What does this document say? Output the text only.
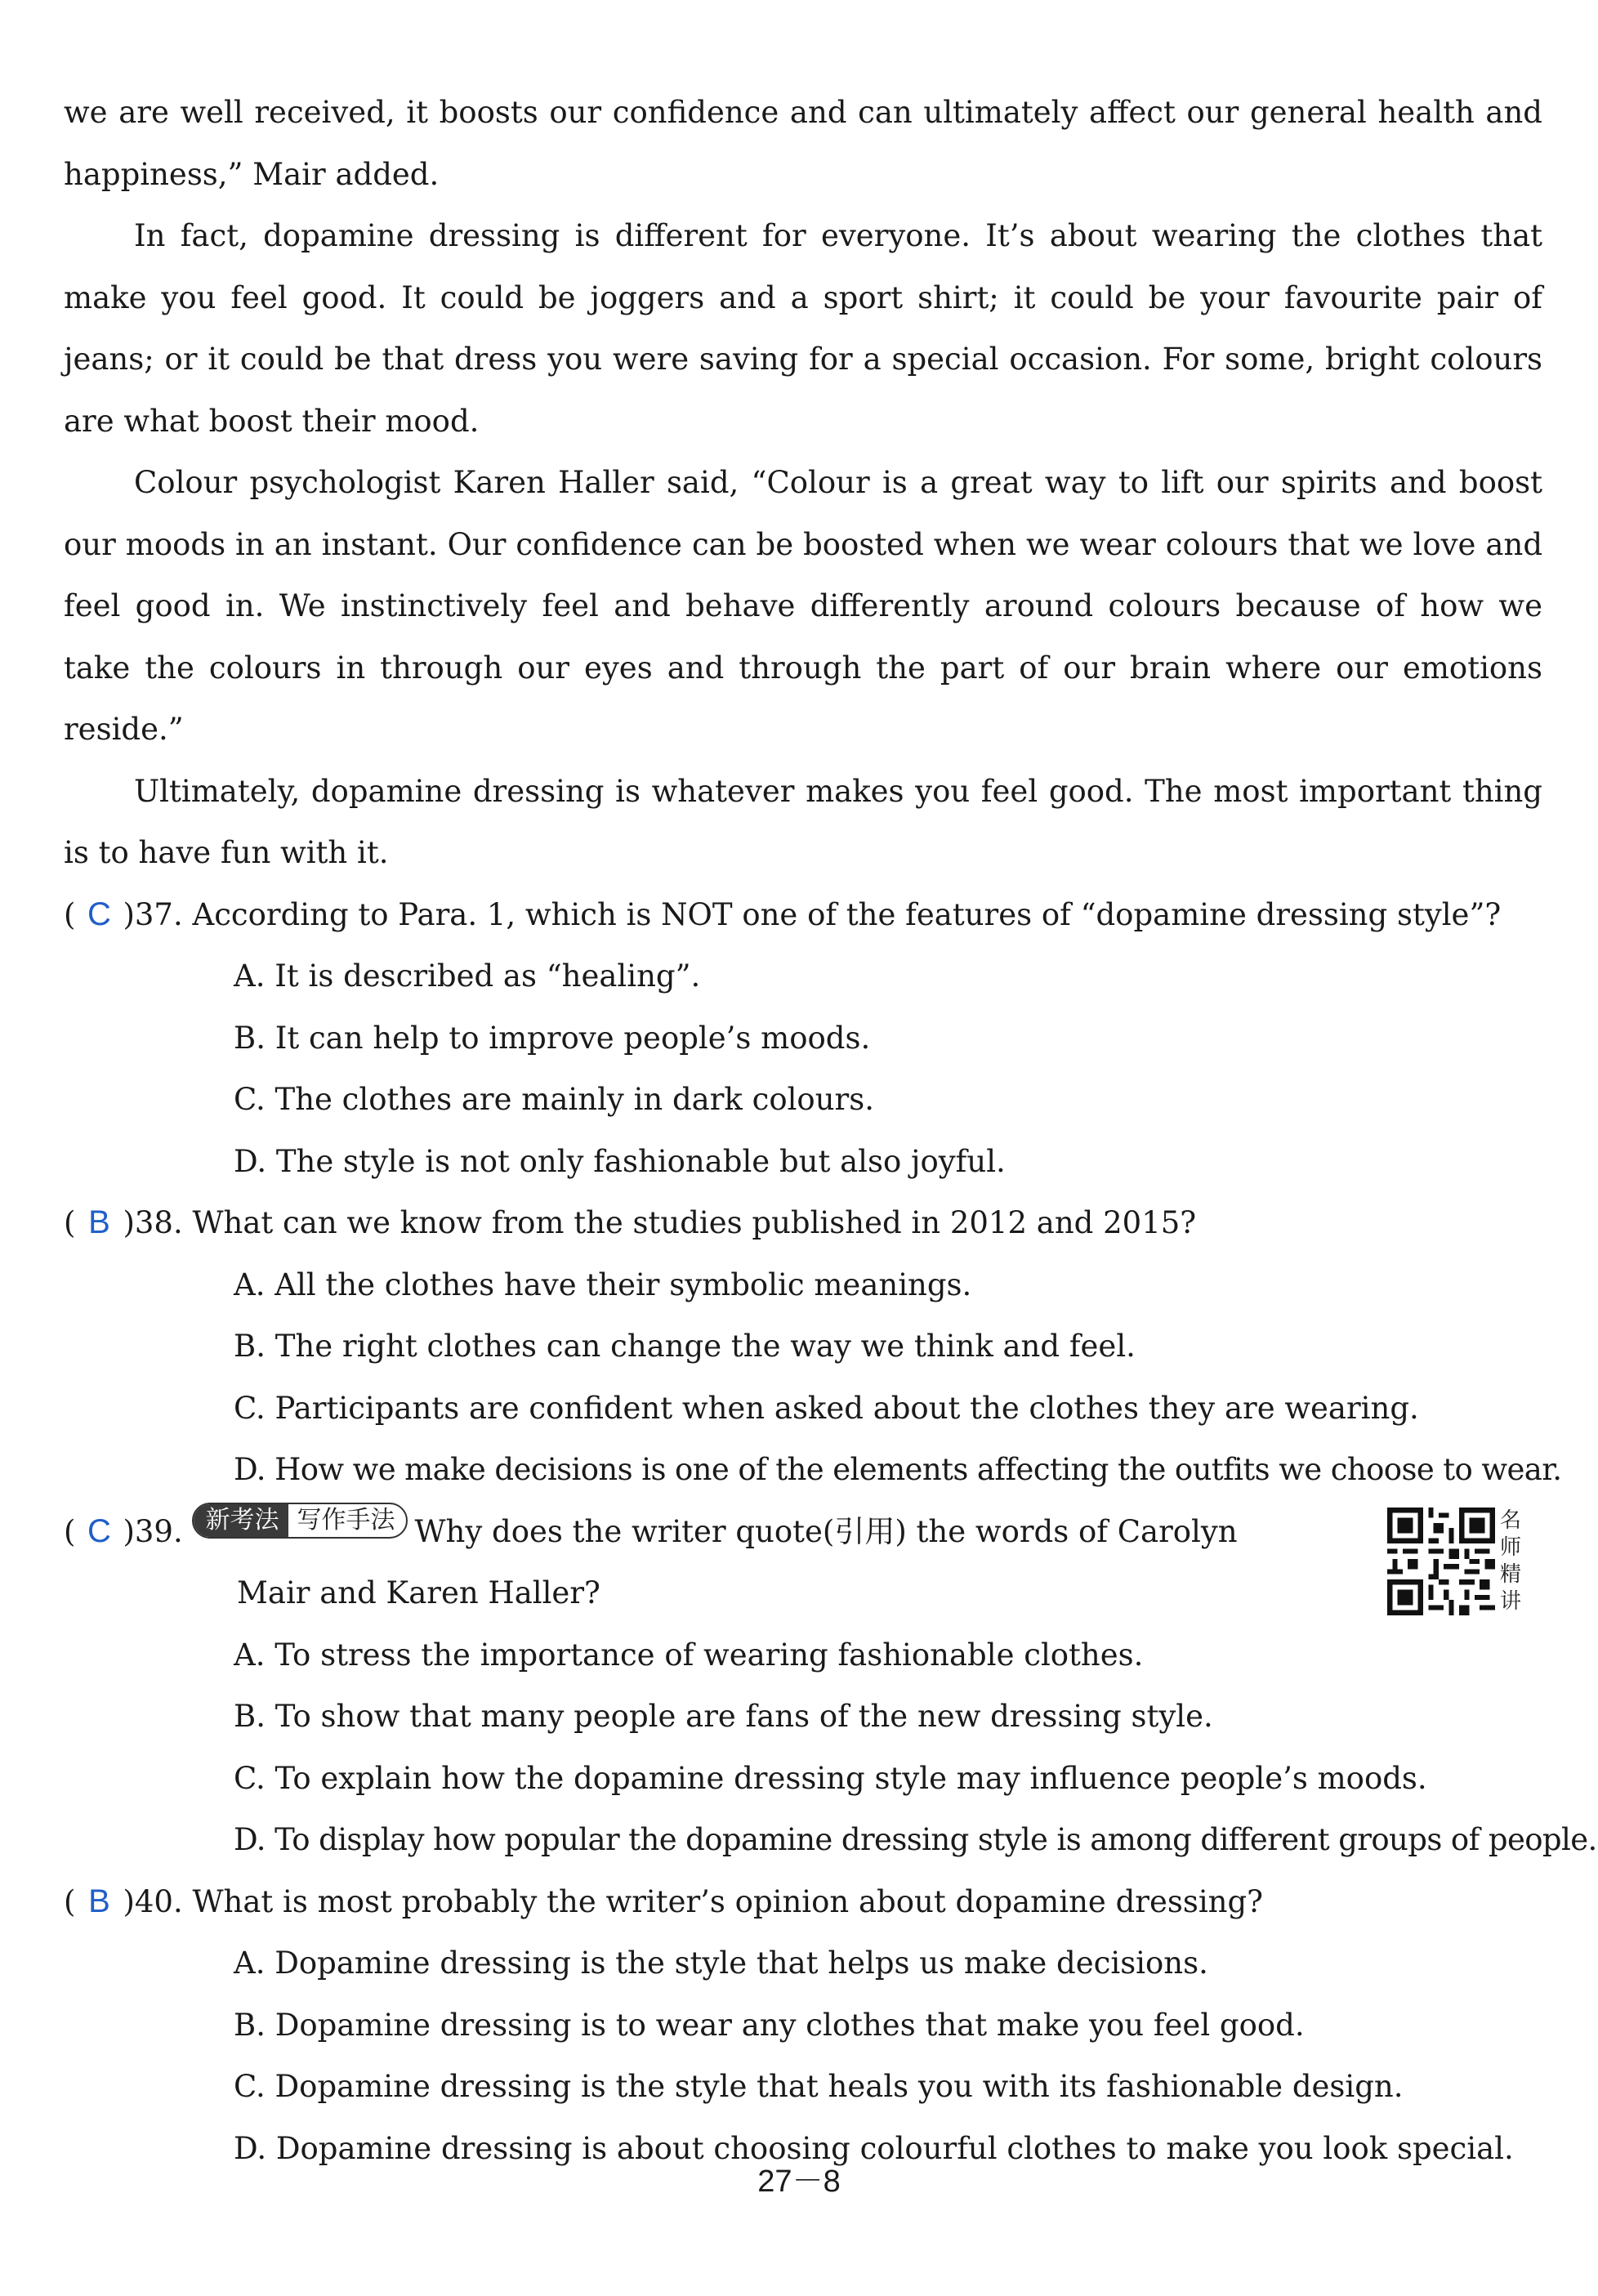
we are well received, it boosts our confidence and can ultimately affect our general health and happiness,” Mair added.

In fact, dopamine dressing is different for everyone. It’s about wearing the clothes that make you feel good. It could be joggers and a sport shirt; it could be your favourite pair of jeans; or it could be that dress you were saving for a special occasion. For some, bright colours are what boost their mood.

Colour psychologist Karen Haller said, “Colour is a great way to lift our spirits and boost our moods in an instant. Our confidence can be boosted when we wear colours that we love and feel good in. We instinctively feel and behave differently around colours because of how we take the colours in through our eyes and through the part of our brain where our emotions reside.”

Ultimately, dopamine dressing is whatever makes you feel good. The most important thing is to have fun with it.

( C )37. According to Para. 1, which is NOT one of the features of “dopamine dressing style”?
A. It is described as “healing”.
B. It can help to improve people’s moods.
C. The clothes are mainly in dark colours.
D. The style is not only fashionable but also joyful.
( B )38. What can we know from the studies published in 2012 and 2015?
A. All the clothes have their symbolic meanings.
B. The right clothes can change the way we think and feel.
C. Participants are confident when asked about the clothes they are wearing.
D. How we make decisions is one of the elements affecting the outfits we choose to wear.
( C )39. 新考法 写作手法 Why does the writer quote(引用) the words of Carolyn
Mair and Karen Haller?
名师精讲
A. To stress the importance of wearing fashionable clothes.
B. To show that many people are fans of the new dressing style.
C. To explain how the dopamine dressing style may influence people’s moods.
D. To display how popular the dopamine dressing style is among different groups of people.
( B )40. What is most probably the writer’s opinion about dopamine dressing?
A. Dopamine dressing is the style that helps us make decisions.
B. Dopamine dressing is to wear any clothes that make you feel good.
C. Dopamine dressing is the style that heals you with its fashionable design.
D. Dopamine dressing is about choosing colourful clothes to make you look special.
27－8
